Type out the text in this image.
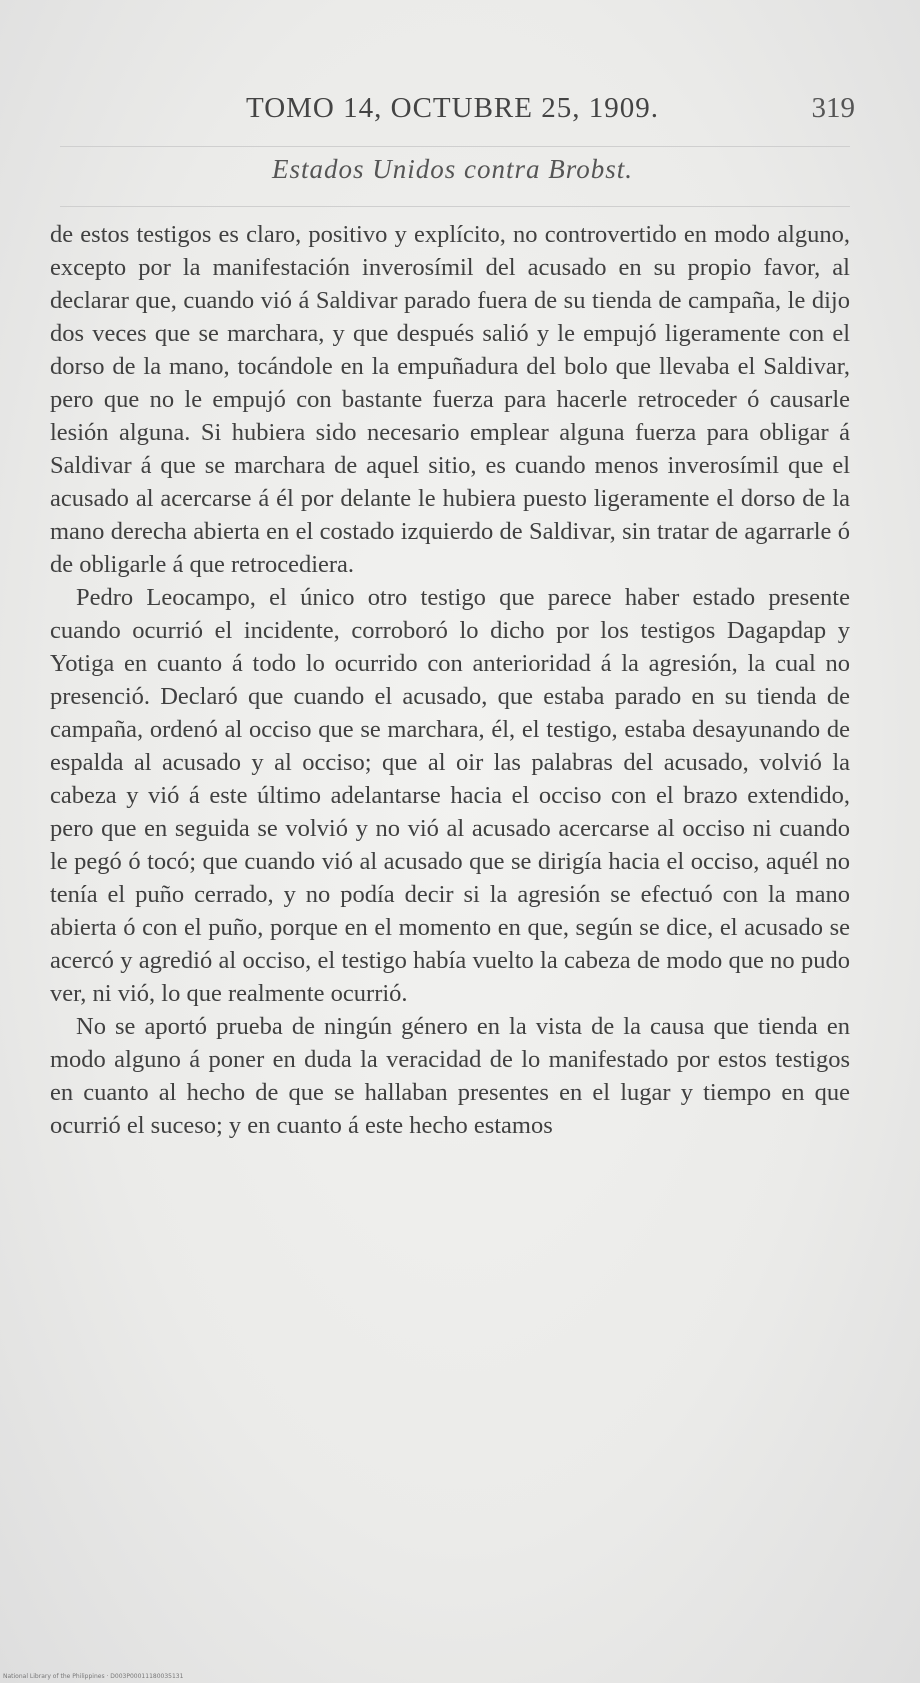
TOMO 14, OCTUBRE 25, 1909.	319
Estados Unidos contra Brobst.

de estos testigos es claro, positivo y explícito, no controvertido en modo alguno, excepto por la manifestación inverosímil del acusado en su propio favor, al declarar que, cuando vió á Saldivar parado fuera de su tienda de campaña, le dijo dos veces que se marchara, y que después salió y le empujó ligeramente con el dorso de la mano, tocándole en la empuñadura del bolo que llevaba el Saldivar, pero que no le empujó con bastante fuerza para hacerle retroceder ó causarle lesión alguna. Si hubiera sido necesario emplear alguna fuerza para obligar á Saldivar á que se marchara de aquel sitio, es cuando menos inverosímil que el acusado al acercarse á él por delante le hubiera puesto ligeramente el dorso de la mano derecha abierta en el costado izquierdo de Saldivar, sin tratar de agarrarle ó de obligarle á que retrocediera.

Pedro Leocampo, el único otro testigo que parece haber estado presente cuando ocurrió el incidente, corroboró lo dicho por los testigos Dagapdap y Yotiga en cuanto á todo lo ocurrido con anterioridad á la agresión, la cual no presenció. Declaró que cuando el acusado, que estaba parado en su tienda de campaña, ordenó al occiso que se marchara, él, el testigo, estaba desayunando de espalda al acusado y al occiso; que al oir las palabras del acusado, volvió la cabeza y vió á este último adelantarse hacia el occiso con el brazo extendido, pero que en seguida se volvió y no vió al acusado acercarse al occiso ni cuando le pegó ó tocó; que cuando vió al acusado que se dirigía hacia el occiso, aquél no tenía el puño cerrado, y no podía decir si la agresión se efectuó con la mano abierta ó con el puño, porque en el momento en que, según se dice, el acusado se acercó y agredió al occiso, el testigo había vuelto la cabeza de modo que no pudo ver, ni vió, lo que realmente ocurrió.

No se aportó prueba de ningún género en la vista de la causa que tienda en modo alguno á poner en duda la veracidad de lo manifestado por estos testigos en cuanto al hecho de que se hallaban presentes en el lugar y tiempo en que ocurrió el suceso; y en cuanto á este hecho estamos

National Library of the Philippines · D003P00011180035131
